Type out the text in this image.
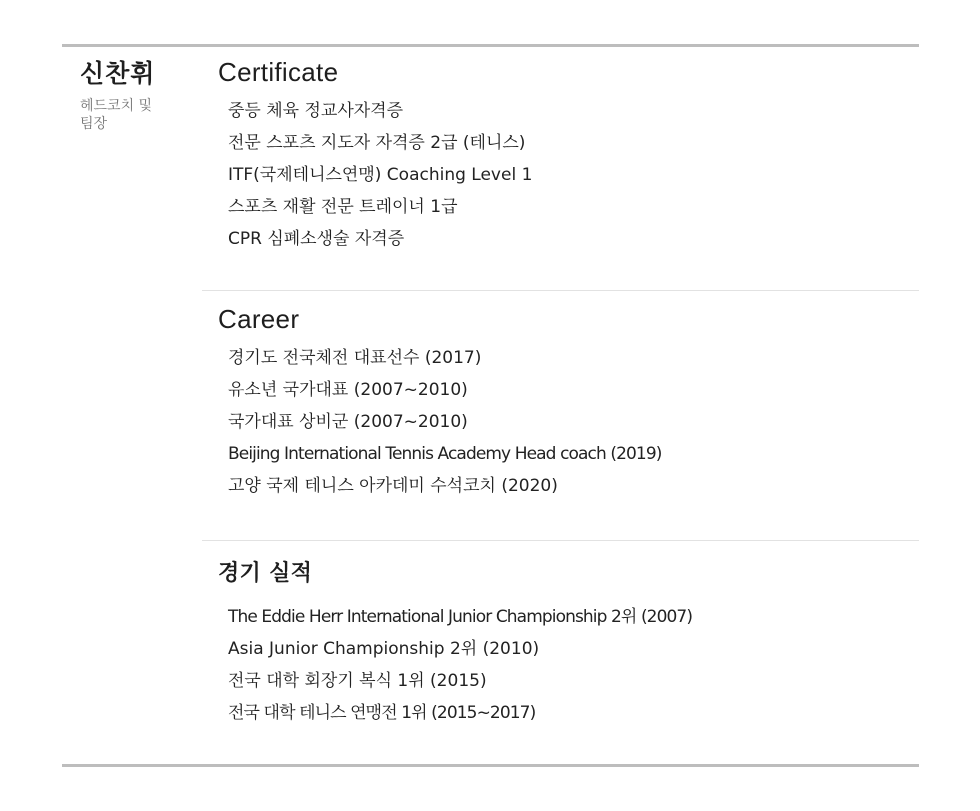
신찬휘
헤드코치 및 팀장
Certificate
중등 체육 정교사자격증
전문 스포츠 지도자 자격증 2급 (테니스)
ITF(국제테니스연맹) Coaching Level 1
스포츠 재활 전문 트레이너 1급
CPR 심폐소생술 자격증
Career
경기도 전국체전 대표선수 (2017)
유소년 국가대표 (2007~2010)
국가대표 상비군 (2007~2010)
Beijing International Tennis Academy Head coach (2019)
고양 국제 테니스 아카데미 수석코치 (2020)
경기 실적
The Eddie Herr International Junior Championship 2위 (2007)
Asia Junior Championship 2위 (2010)
전국 대학 회장기 복식 1위 (2015)
전국 대학 테니스 연맹전 1위 (2015~2017)
